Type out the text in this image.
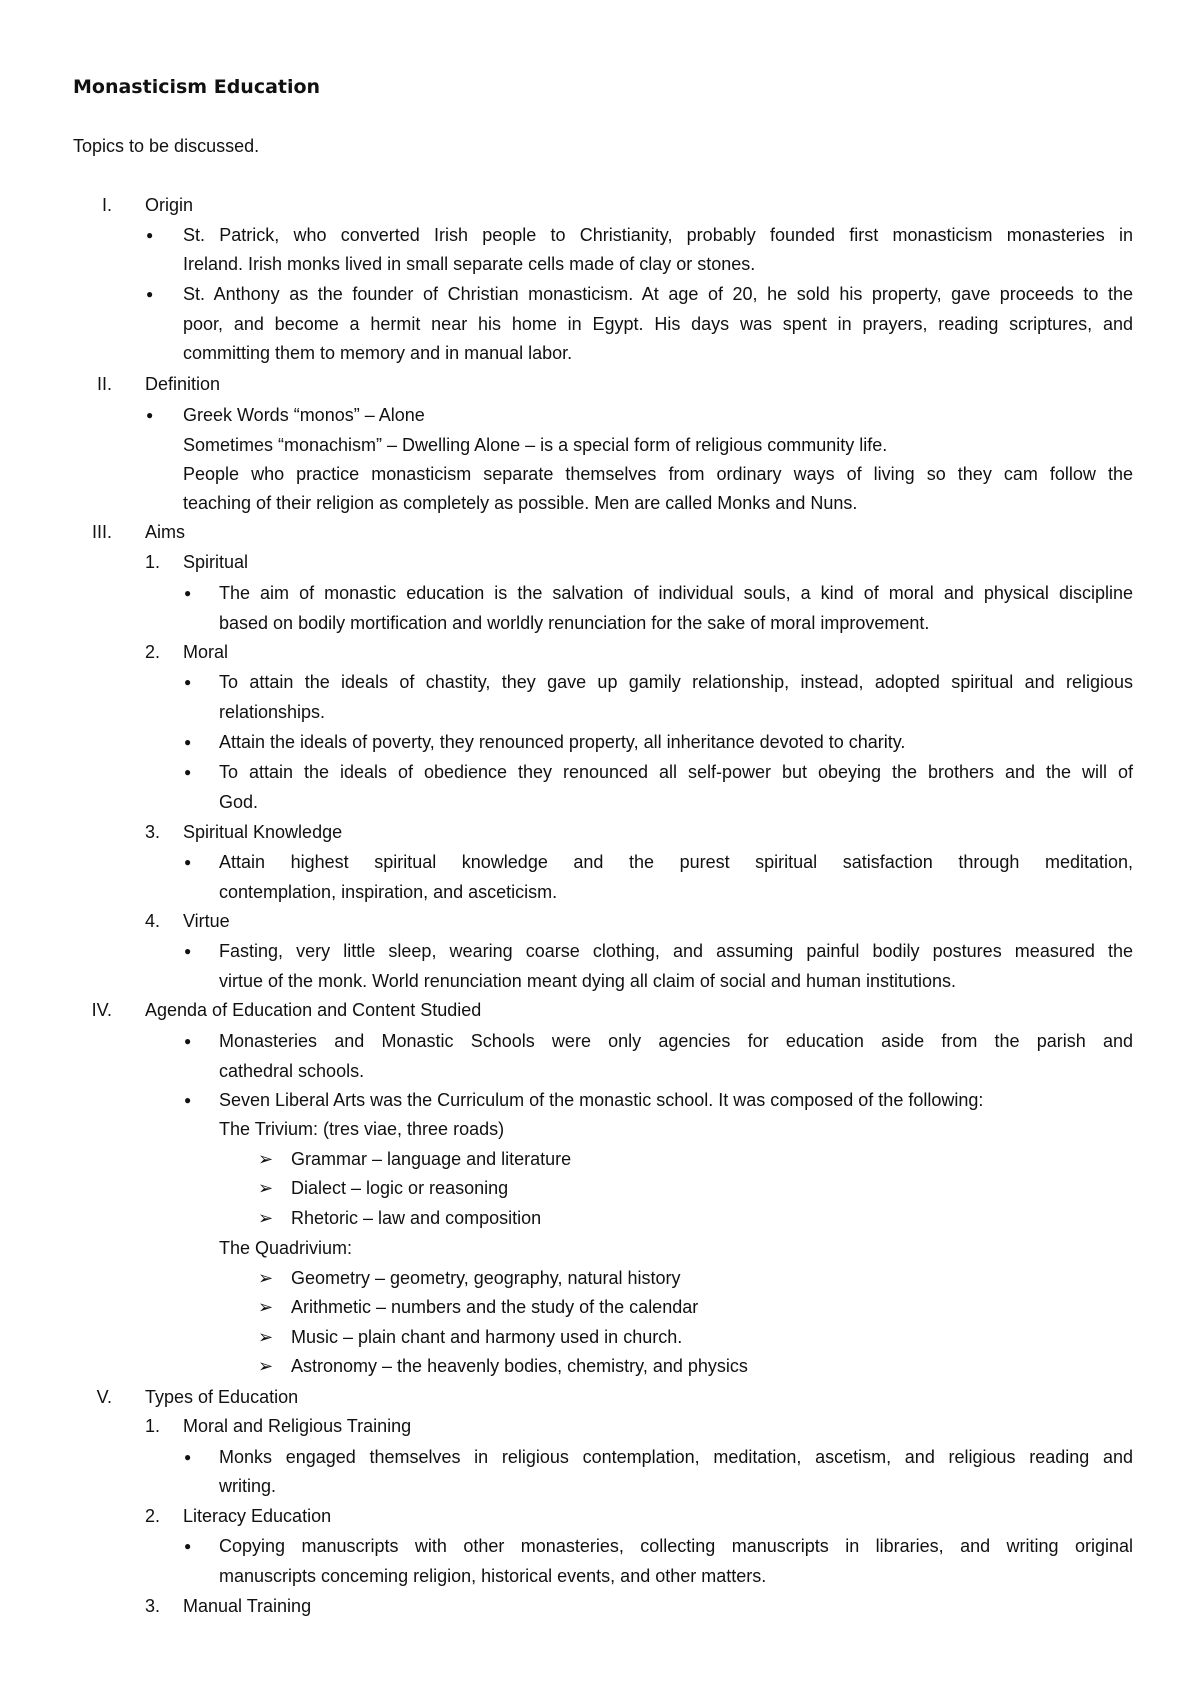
Monasticism Education
Topics to be discussed.
I. Origin
● St. Patrick, who converted Irish people to Christianity, probably founded first monasticism monasteries in
Ireland. Irish monks lived in small separate cells made of clay or stones.
● St. Anthony as the founder of Christian monasticism. At age of 20, he sold his property, gave proceeds to the
poor, and become a hermit near his home in Egypt. His days was spent in prayers, reading scriptures, and
committing them to memory and in manual labor.
II. Definition
● Greek Words “monos” – Alone
Sometimes “monachism” – Dwelling Alone – is a special form of religious community life.
People who practice monasticism separate themselves from ordinary ways of living so they cam follow the
teaching of their religion as completely as possible. Men are called Monks and Nuns.
III. Aims
1. Spiritual
● The aim of monastic education is the salvation of individual souls, a kind of moral and physical discipline
based on bodily mortification and worldly renunciation for the sake of moral improvement.
2. Moral
● To attain the ideals of chastity, they gave up gamily relationship, instead, adopted spiritual and religious
relationships.
● Attain the ideals of poverty, they renounced property, all inheritance devoted to charity.
● To attain the ideals of obedience they renounced all self-power but obeying the brothers and the will of
God.
3. Spiritual Knowledge
● Attain highest spiritual knowledge and the purest spiritual satisfaction through meditation,
contemplation, inspiration, and asceticism.
4. Virtue
● Fasting, very little sleep, wearing coarse clothing, and assuming painful bodily postures measured the
virtue of the monk. World renunciation meant dying all claim of social and human institutions.
IV. Agenda of Education and Content Studied
● Monasteries and Monastic Schools were only agencies for education aside from the parish and
cathedral schools.
● Seven Liberal Arts was the Curriculum of the monastic school. It was composed of the following:
The Trivium: (tres viae, three roads)
➢ Grammar – language and literature
➢ Dialect – logic or reasoning
➢ Rhetoric – law and composition
The Quadrivium:
➢ Geometry – geometry, geography, natural history
➢ Arithmetic – numbers and the study of the calendar
➢ Music – plain chant and harmony used in church.
➢ Astronomy – the heavenly bodies, chemistry, and physics
V. Types of Education
1. Moral and Religious Training
● Monks engaged themselves in religious contemplation, meditation, ascetism, and religious reading and
writing.
2. Literacy Education
● Copying manuscripts with other monasteries, collecting manuscripts in libraries, and writing original
manuscripts conceming religion, historical events, and other matters.
3. Manual Training
